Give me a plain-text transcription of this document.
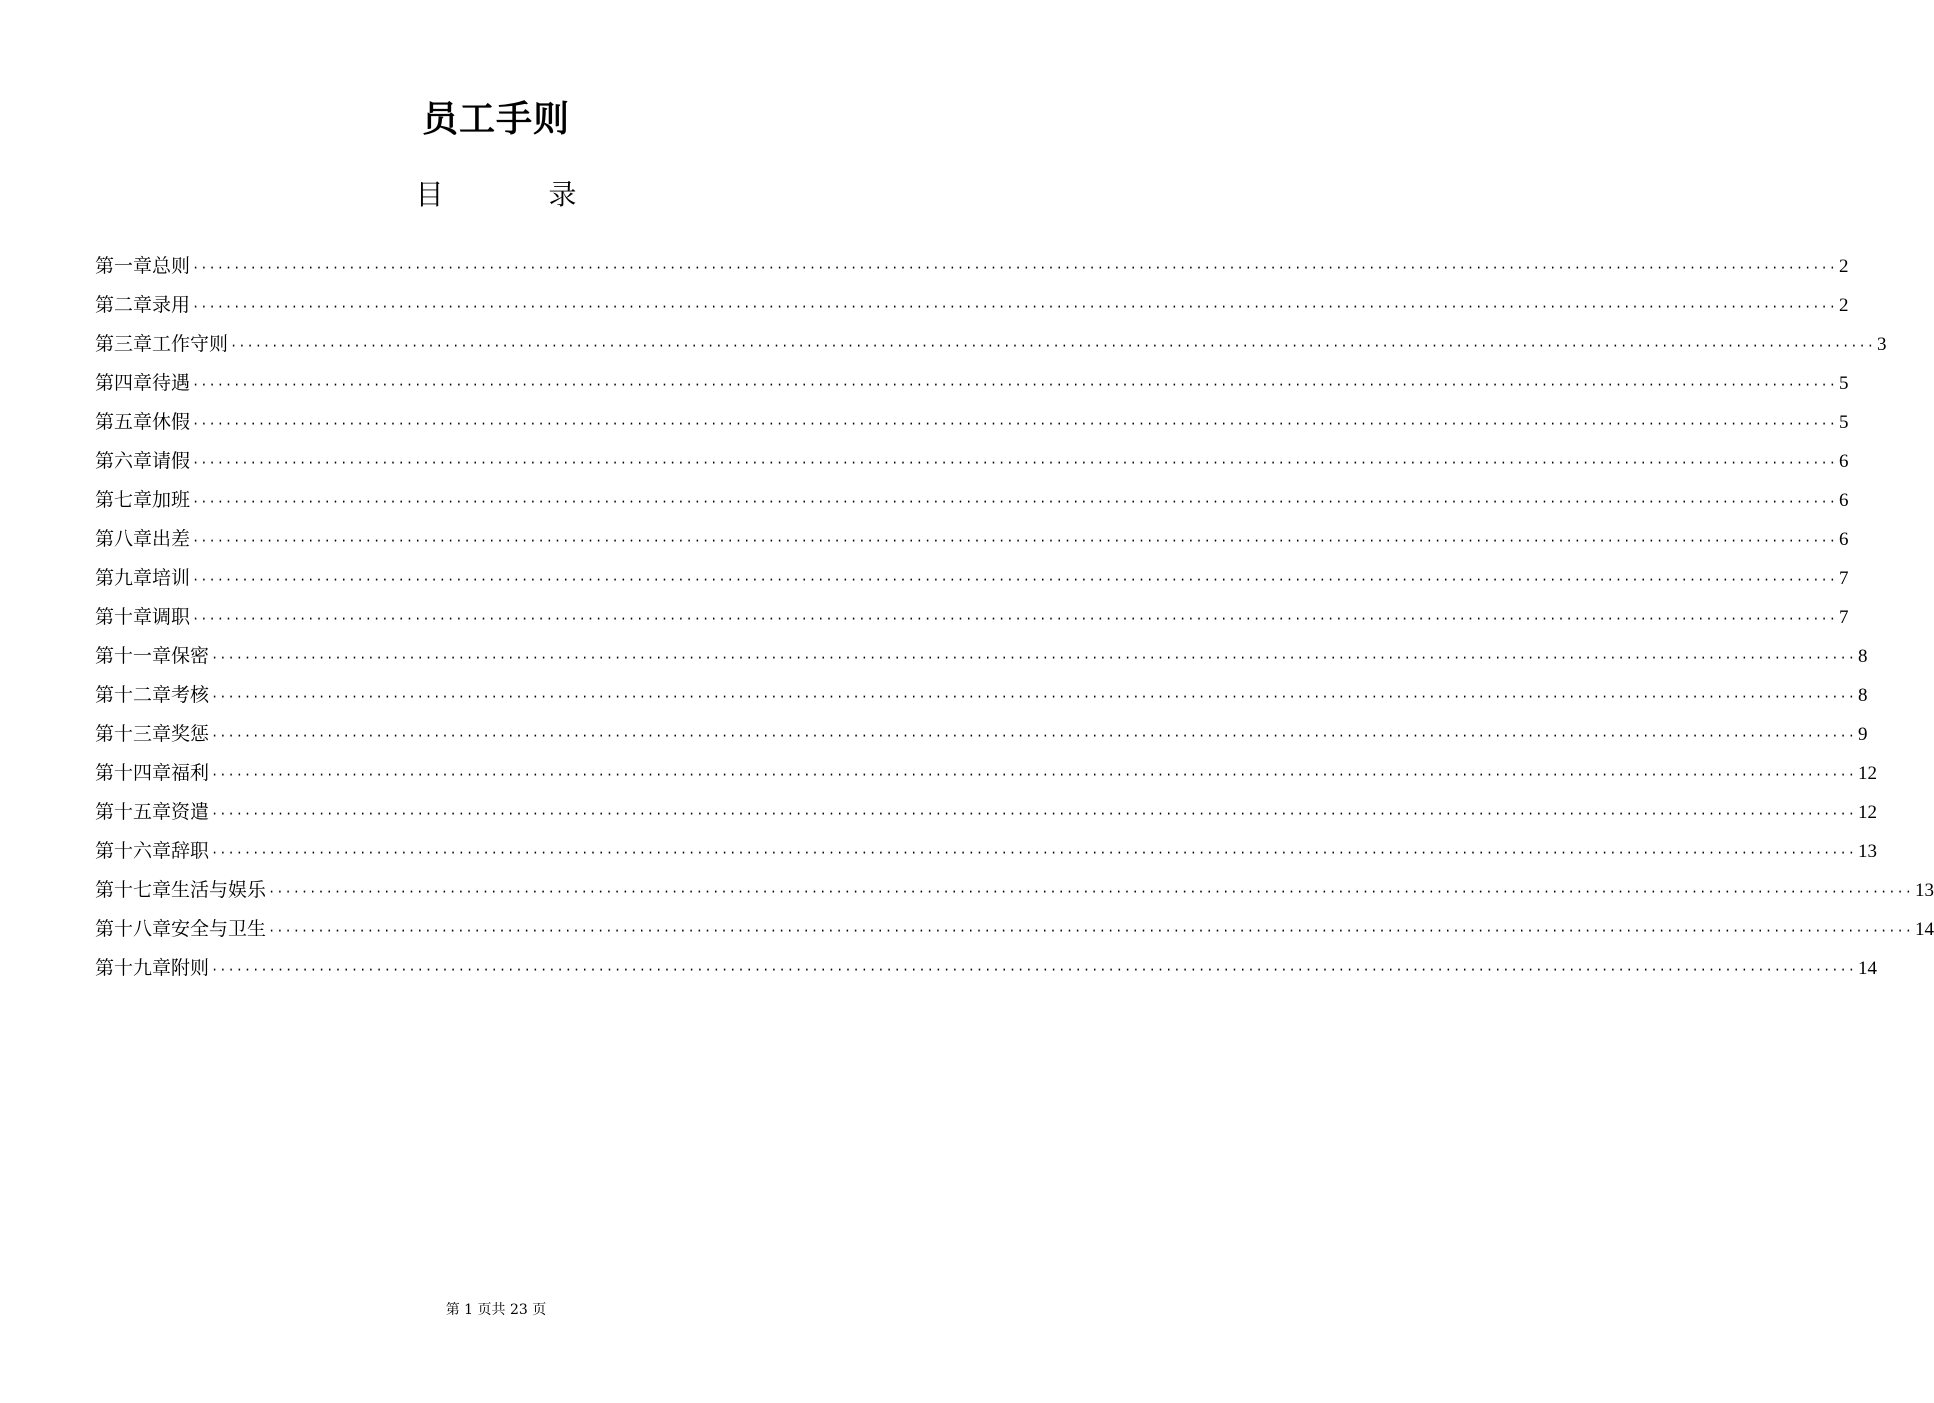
员工手则
目 录
第一章 总则 ········································································································································································································ 2
第二章 录用 ········································································································································································································ 2
第三章 工作守则 ········································································································································································································ 3
第四章 待遇 ········································································································································································································ 5
第五章 休假 ········································································································································································································ 5
第六章 请假 ········································································································································································································ 6
第七章 加班 ········································································································································································································ 6
第八章 出差 ········································································································································································································ 6
第九章 培训 ········································································································································································································ 7
第十章 调职 ········································································································································································································ 7
第十一章 保密 ········································································································································································································ 8
第十二章 考核 ········································································································································································································ 8
第十三章 奖惩 ········································································································································································································ 9
第十四章 福利 ········································································································································································································ 12
第十五章 资遣 ········································································································································································································ 12
第十六章 辞职 ········································································································································································································ 13
第十七章 生活与娱乐 ········································································································································································································ 13
第十八章 安全与卫生 ········································································································································································································ 14
第十九章 附则 ········································································································································································································ 14
第 1 页共 23 页
